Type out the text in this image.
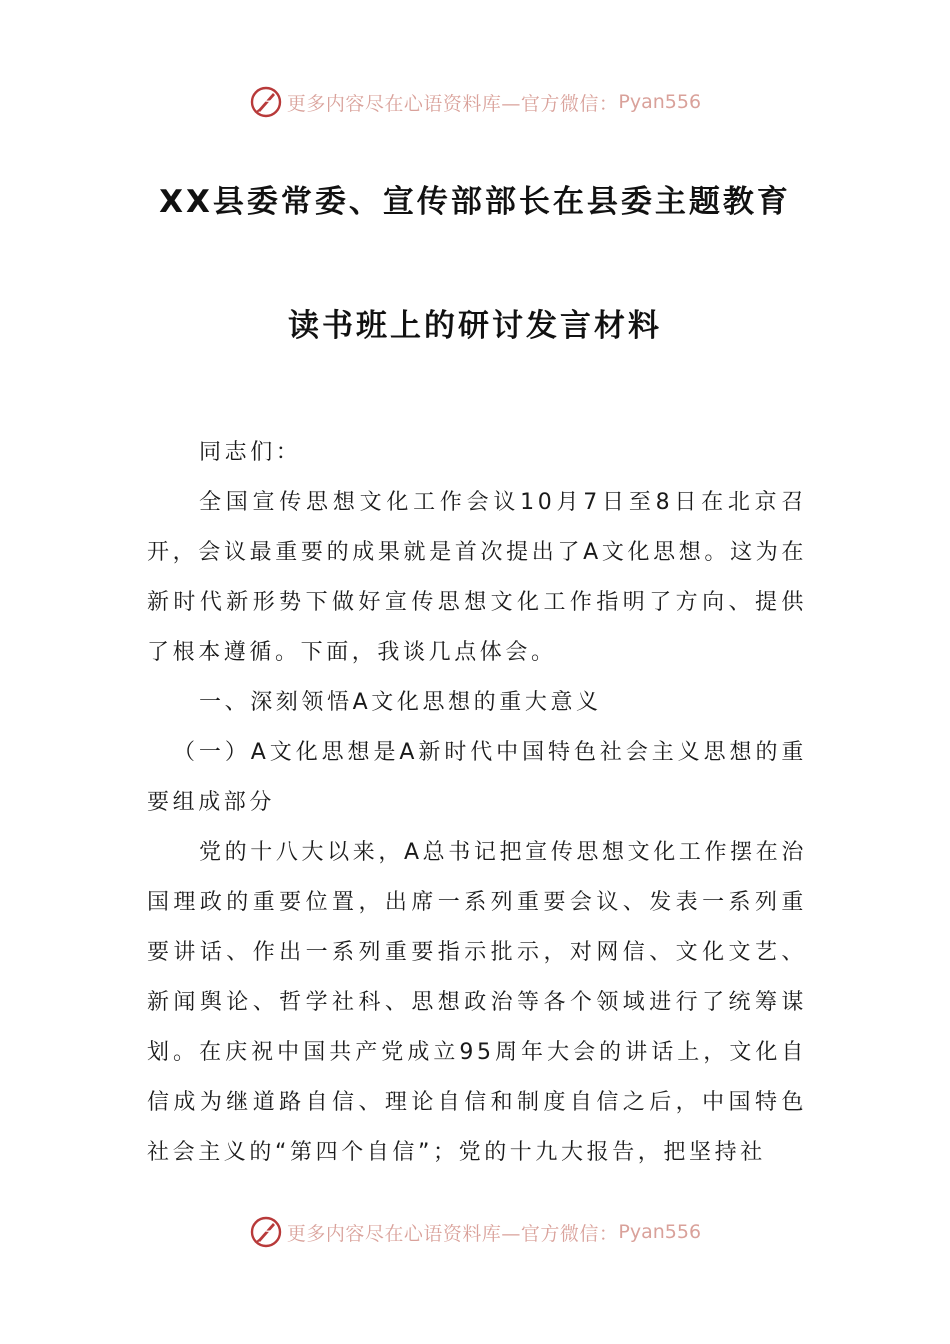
更多内容尽在心语资料库—官方微信： Pyan556
XX县委常委、宣传部部长在县委主题教育
读书班上的研讨发言材料

同志们：

全国宣传思想文化工作会议10月7日至8日在北京召开，会议最重要的成果就是首次提出了A文化思想。这为在新时代新形势下做好宣传思想文化工作指明了方向、提供了根本遵循。下面，我谈几点体会。

一、深刻领悟A文化思想的重大意义

（一）A文化思想是A新时代中国特色社会主义思想的重要组成部分

党的十八大以来，A总书记把宣传思想文化工作摆在治国理政的重要位置，出席一系列重要会议、发表一系列重要讲话、作出一系列重要指示批示，对网信、文化文艺、新闻舆论、哲学社科、思想政治等各个领域进行了统筹谋划。在庆祝中国共产党成立95周年大会的讲话上，文化自信成为继道路自信、理论自信和制度自信之后，中国特色社会主义的“第四个自信”；党的十九大报告，把坚持社

更多内容尽在心语资料库—官方微信： Pyan556
